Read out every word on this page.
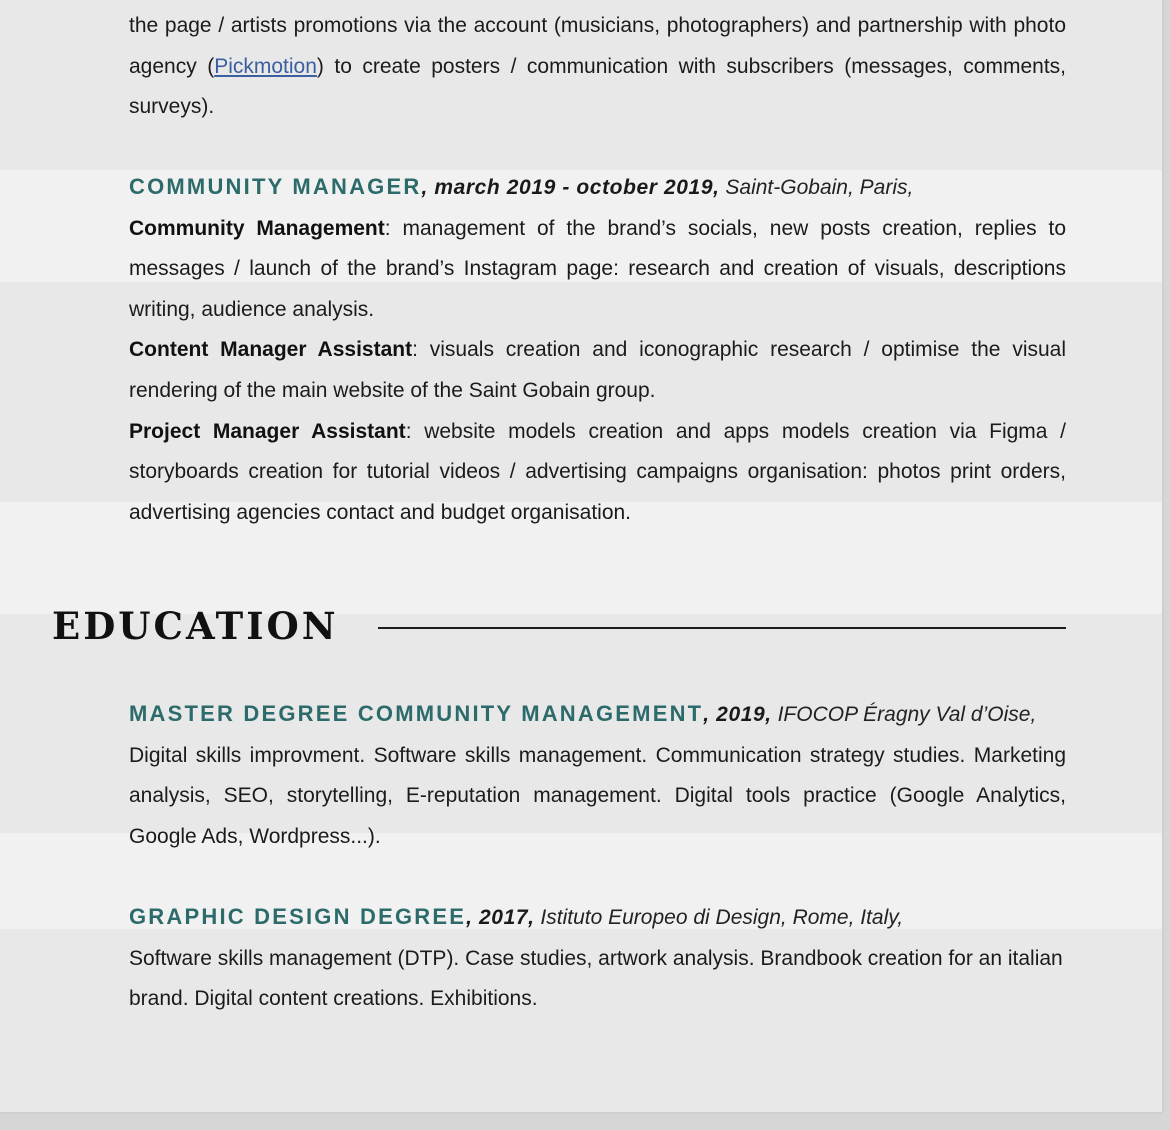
the page / artists promotions via the account (musicians, photographers) and partnership with photo agency (Pickmotion) to create posters / communication with subscribers (messages, comments, surveys).

COMMUNITY MANAGER, march 2019 - october 2019, Saint-Gobain, Paris,

Community Management: management of the brand’s socials, new posts creation, replies to messages / launch of the brand’s Instagram page: research and creation of visuals, descriptions writing, audience analysis.

Content Manager Assistant: visuals creation and iconographic research / optimise the visual rendering of the main website of the Saint Gobain group.

Project Manager Assistant: website models creation and apps models creation via Figma / storyboards creation for tutorial videos / advertising campaigns organisation: photos print orders, advertising agencies contact and budget organisation.

EDUCATION

MASTER DEGREE COMMUNITY MANAGEMENT, 2019, IFOCOP Éragny Val d’Oise,

Digital skills improvment. Software skills management. Communication strategy studies. Marketing analysis, SEO, storytelling, E-reputation management. Digital tools practice (Google Analytics, Google Ads, Wordpress...).

GRAPHIC DESIGN DEGREE, 2017, Istituto Europeo di Design, Rome, Italy,

Software skills management (DTP). Case studies, artwork analysis. Brandbook creation for an italian brand. Digital content creations. Exhibitions.
